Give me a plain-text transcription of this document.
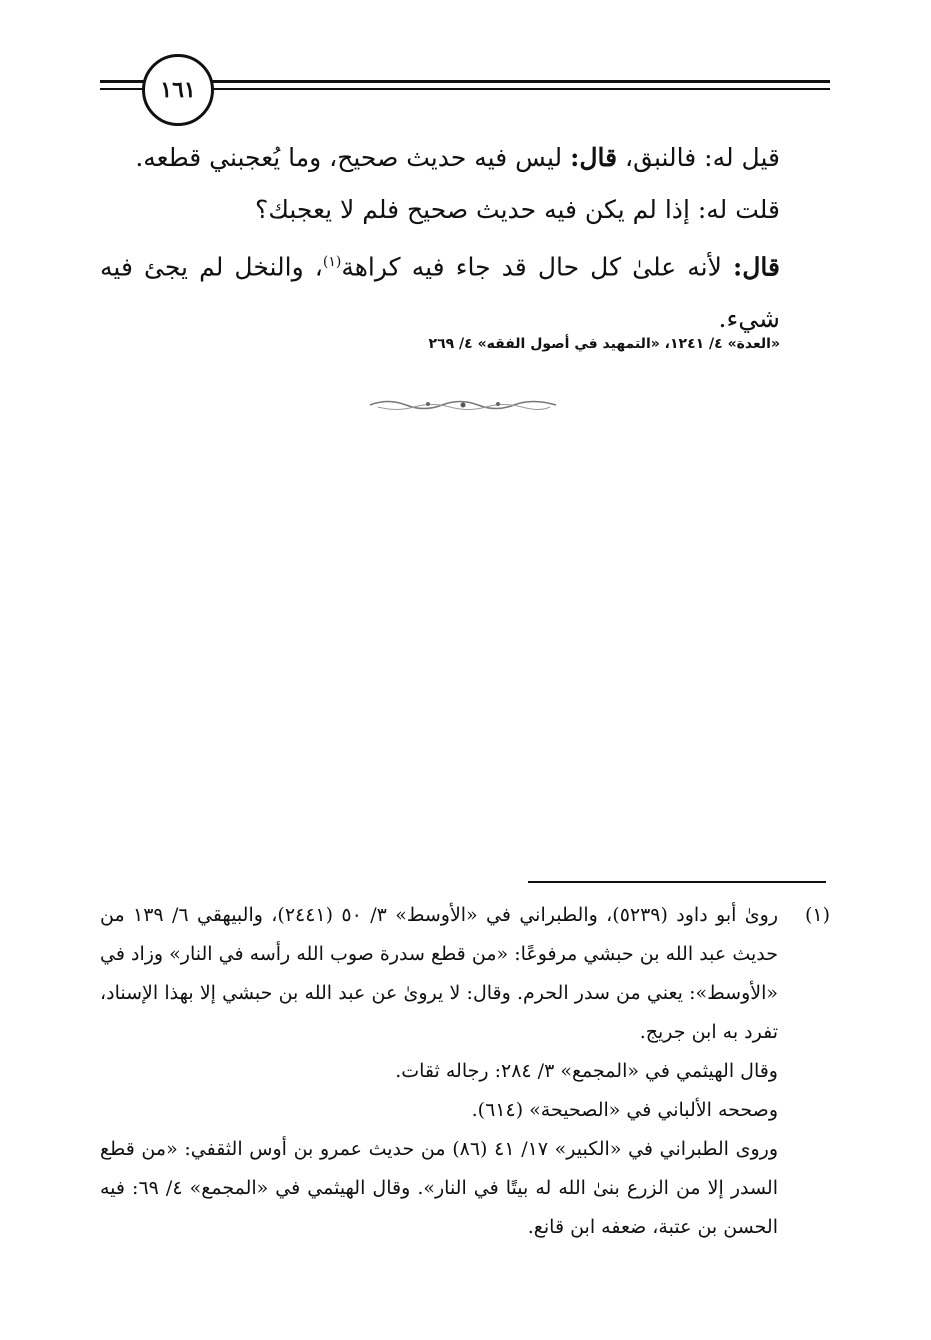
١٦١

قيل له: فالنبق، قال: ليس فيه حديث صحيح، وما يُعجبني قطعه.

قلت له: إذا لم يكن فيه حديث صحيح فلم لا يعجبك؟

قال: لأنه علىٰ كل حال قد جاء فيه كراهة$^{(١)}$، والنخل لم يجئ فيه شيء.

«العدة» ٤/ ١٢٤١، «التمهيد في أصول الفقه» ٤/ ٢٦٩
(١)

رویٰ أبو داود (٥٢٣٩)، والطبراني في «الأوسط» ٣/ ٥٠ (٢٤٤١)، والبيهقي ٦/ ١٣٩ من حديث عبد الله بن حبشي مرفوعًا: «من قطع سدرة صوب الله رأسه في النار» وزاد في «الأوسط»: يعني من سدر الحرم. وقال: لا يرویٰ عن عبد الله بن حبشي إلا بهذا الإسناد، تفرد به ابن جريج.

وقال الهيثمي في «المجمع» ٣/ ٢٨٤: رجاله ثقات.

وصححه الألباني في «الصحيحة» (٦١٤).

وروی الطبراني في «الكبير» ١٧/ ٤١ (٨٦) من حديث عمرو بن أوس الثقفي: «من قطع السدر إلا من الزرع بنیٰ الله له بيتًا في النار». وقال الهيثمي في «المجمع» ٤/ ٦٩: فيه الحسن بن عتبة، ضعفه ابن قانع.
